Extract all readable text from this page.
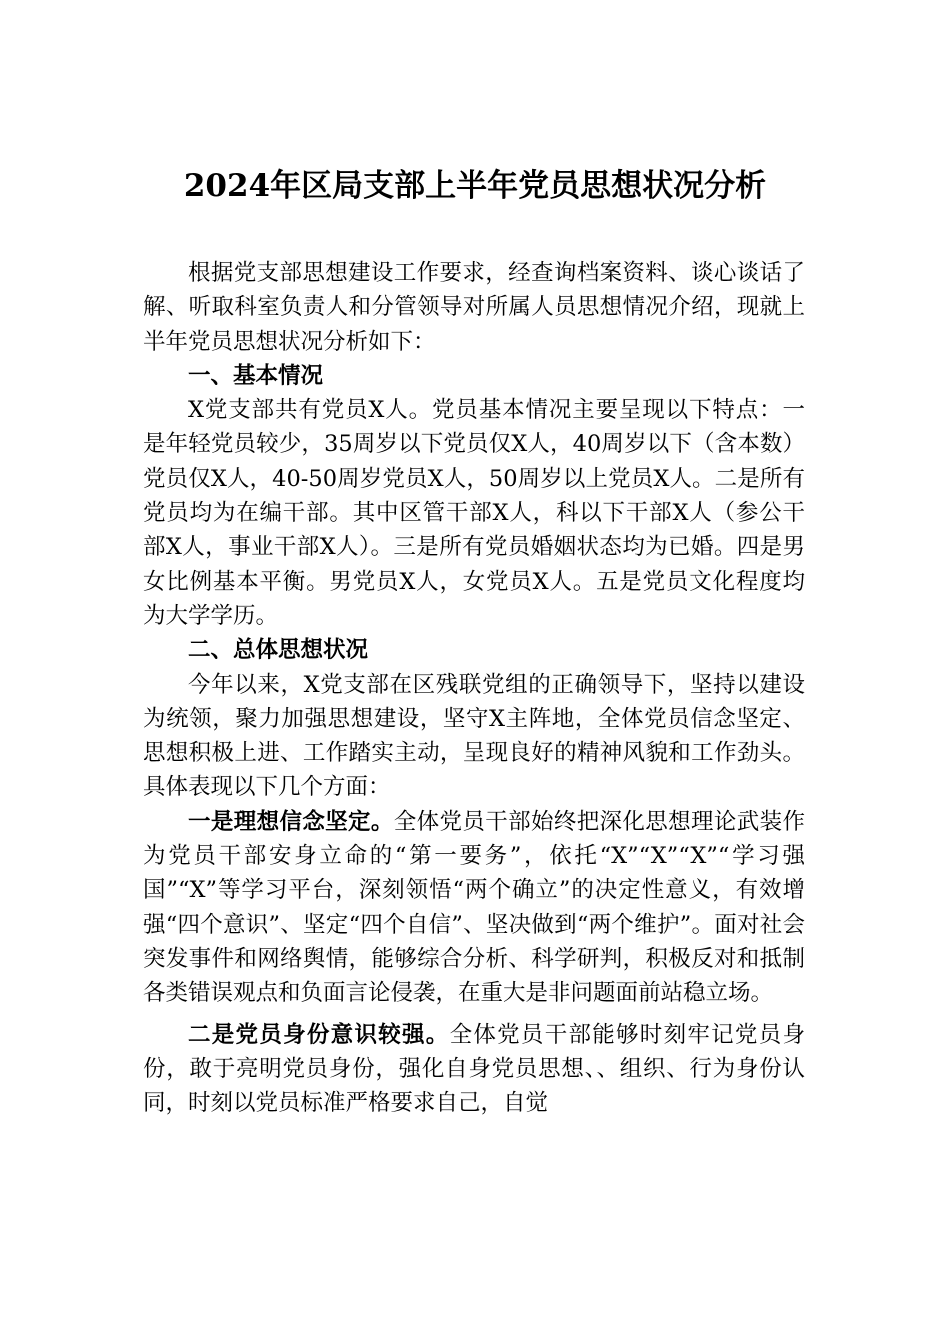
2024年区局支部上半年党员思想状况分析

根据党支部思想建设工作要求，经查询档案资料、谈心谈话了解、听取科室负责人和分管领导对所属人员思想情况介绍，现就上半年党员思想状况分析如下：

一、基本情况

X党支部共有党员X人。党员基本情况主要呈现以下特点：一是年轻党员较少，35周岁以下党员仅X人，40周岁以下（含本数）党员仅X人，40-50周岁党员X人，50周岁以上党员X人。二是所有党员均为在编干部。其中区管干部X人，科以下干部X人（参公干部X人，事业干部X人）。三是所有党员婚姻状态均为已婚。四是男女比例基本平衡。男党员X人，女党员X人。五是党员文化程度均为大学学历。

二、总体思想状况

今年以来，X党支部在区残联党组的正确领导下，坚持以建设为统领，聚力加强思想建设，坚守X主阵地，全体党员信念坚定、思想积极上进、工作踏实主动，呈现良好的精神风貌和工作劲头。具体表现以下几个方面：

一是理想信念坚定。全体党员干部始终把深化思想理论武装作为党员干部安身立命的“第一要务”，依托“X”“X”“X”“学习强国”“X”等学习平台，深刻领悟“两个确立”的决定性意义，有效增强“四个意识”、坚定“四个自信”、坚决做到“两个维护”。面对社会突发事件和网络舆情，能够综合分析、科学研判，积极反对和抵制各类错误观点和负面言论侵袭，在重大是非问题面前站稳立场。

二是党员身份意识较强。全体党员干部能够时刻牢记党员身份，敢于亮明党员身份，强化自身党员思想、、组织、行为身份认同，时刻以党员标准严格要求自己，自觉
